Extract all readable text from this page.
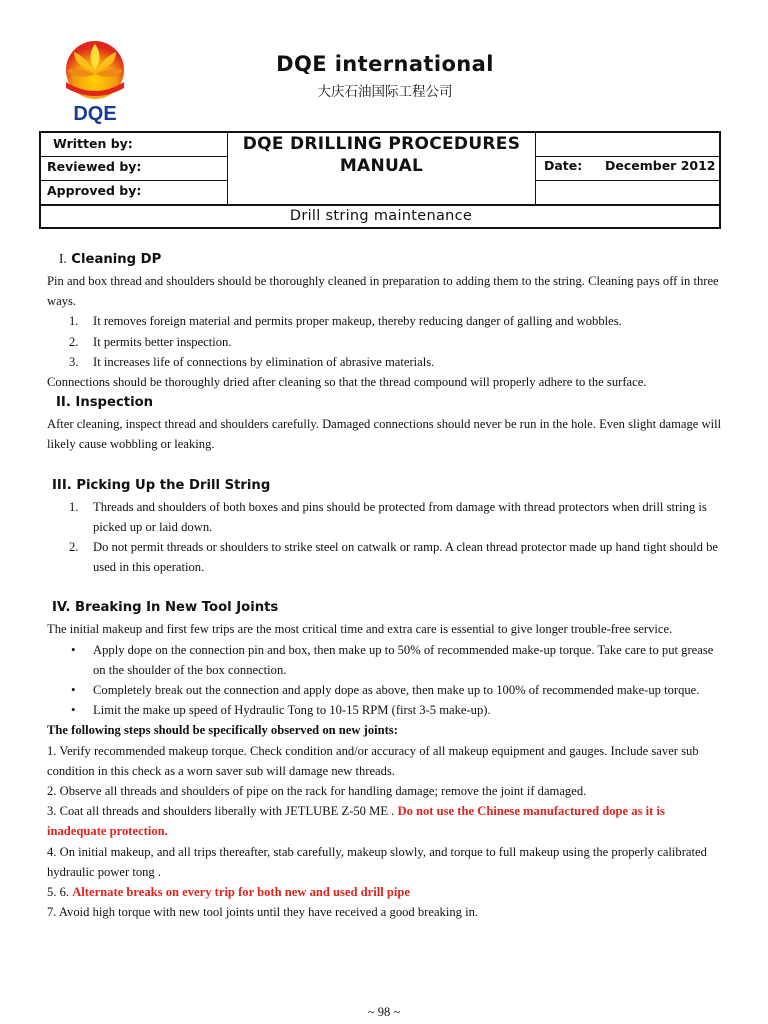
DQE
DQE international
大庆石油国际工程公司
Written by:
Reviewed by:
Approved by:
DQE DRILLING PROCEDURES
MANUAL	Date: December 2012
Drill string maintenance
I. Cleaning DP

Pin and box thread and shoulders should be thoroughly cleaned in preparation to adding them to the string. Cleaning pays off in three ways.

1. It removes foreign material and permits proper makeup, thereby reducing danger of galling and wobbles.
2. It permits better inspection.
3. It increases life of connections by elimination of abrasive materials.

Connections should be thoroughly dried after cleaning so that the thread compound will properly adhere to the surface.

II. Inspection

After cleaning, inspect thread and shoulders carefully. Damaged connections should never be run in the hole. Even slight damage will likely cause wobbling or leaking.

III. Picking Up the Drill String
1. Threads and shoulders of both boxes and pins should be protected from damage with thread protectors when drill string is picked up or laid down.
2. Do not permit threads or shoulders to strike steel on catwalk or ramp. A clean thread protector made up hand tight should be used in this operation.
IV. Breaking In New Tool Joints

The initial makeup and first few trips are the most critical time and extra care is essential to give longer trouble-free service.

• Apply dope on the connection pin and box, then make up to 50% of recommended make-up torque. Take care to put grease on the shoulder of the box connection.
• Completely break out the connection and apply dope as above, then make up to 100% of recommended make-up torque.
• Limit the make up speed of Hydraulic Tong to 10-15 RPM (first 3-5 make-up).

The following steps should be specifically observed on new joints:

1. Verify recommended makeup torque. Check condition and/or accuracy of all makeup equipment and gauges. Include saver sub condition in this check as a worn saver sub will damage new threads.

2. Observe all threads and shoulders of pipe on the rack for handling damage; remove the joint if damaged.

3. Coat all threads and shoulders liberally with JETLUBE Z-50 ME . Do not use the Chinese manufactured dope as it is inadequate protection.

4. On initial makeup, and all trips thereafter, stab carefully, makeup slowly, and torque to full makeup using the properly calibrated hydraulic power tong .

5. 6. Alternate breaks on every trip for both new and used drill pipe

7. Avoid high torque with new tool joints until they have received a good breaking in.

~ 98 ~
